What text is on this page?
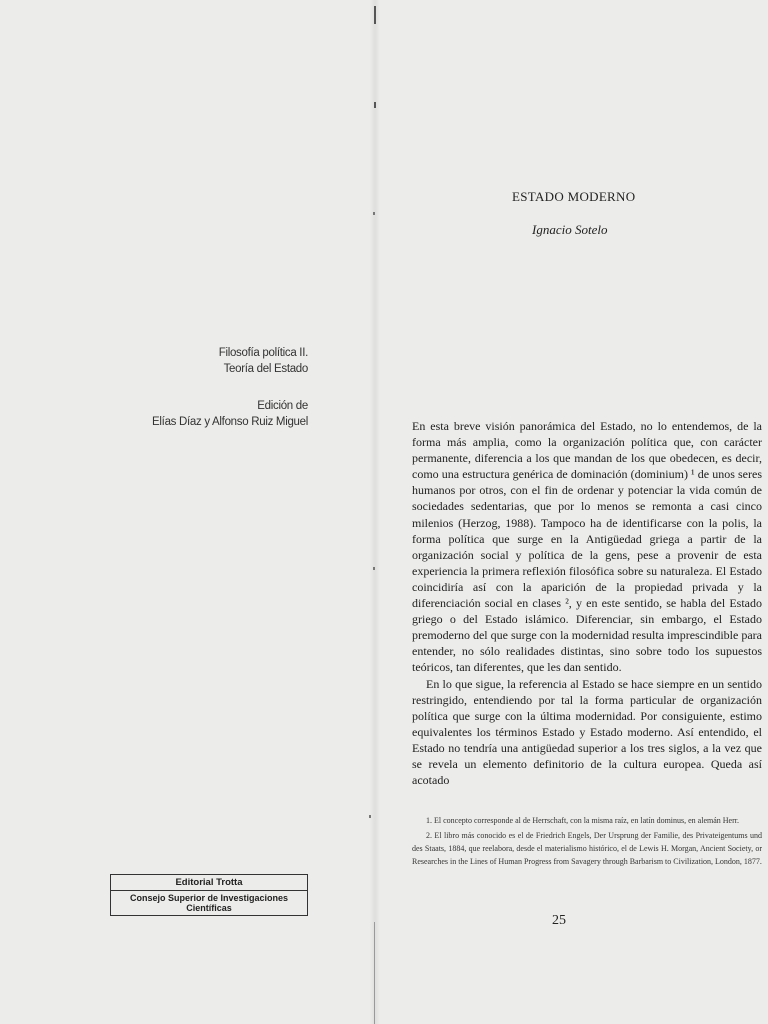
Filosofía política II.
Teoría del Estado
Edición de
Elías Díaz y Alfonso Ruiz Miguel
Editorial Trotta
Consejo Superior de Investigaciones Científicas
ESTADO MODERNO
Ignacio Sotelo

En esta breve visión panorámica del Estado, no lo entendemos, de la forma más amplia, como la organización política que, con carácter permanente, diferencia a los que mandan de los que obedecen, es decir, como una estructura genérica de dominación (dominium) ¹ de unos seres humanos por otros, con el fin de ordenar y potenciar la vida común de sociedades sedentarias, que por lo menos se remonta a casi cinco milenios (Herzog, 1988). Tampoco ha de identificarse con la polis, la forma política que surge en la Antigüedad griega a partir de la organización social y política de la gens, pese a provenir de esta experiencia la primera reflexión filosófica sobre su naturaleza. El Estado coincidiría así con la aparición de la propiedad privada y la diferenciación social en clases ², y en este sentido, se habla del Estado griego o del Estado islámico. Diferenciar, sin embargo, el Estado premoderno del que surge con la modernidad resulta imprescindible para entender, no sólo realidades distintas, sino sobre todo los supuestos teóricos, tan diferentes, que les dan sentido.

En lo que sigue, la referencia al Estado se hace siempre en un sentido restringido, entendiendo por tal la forma particular de organización política que surge con la última modernidad. Por consiguiente, estimo equivalentes los términos Estado y Estado moderno. Así entendido, el Estado no tendría una antigüedad superior a los tres siglos, a la vez que se revela un elemento definitorio de la cultura europea. Queda así acotado

1. El concepto corresponde al de Herrschaft, con la misma raíz, en latín dominus, en alemán Herr.

2. El libro más conocido es el de Friedrich Engels, Der Ursprung der Familie, des Privateigentums und des Staats, 1884, que reelabora, desde el materialismo histórico, el de Lewis H. Morgan, Ancient Society, or Researches in the Lines of Human Progress from Savagery through Barbarism to Civilization, London, 1877.

25
